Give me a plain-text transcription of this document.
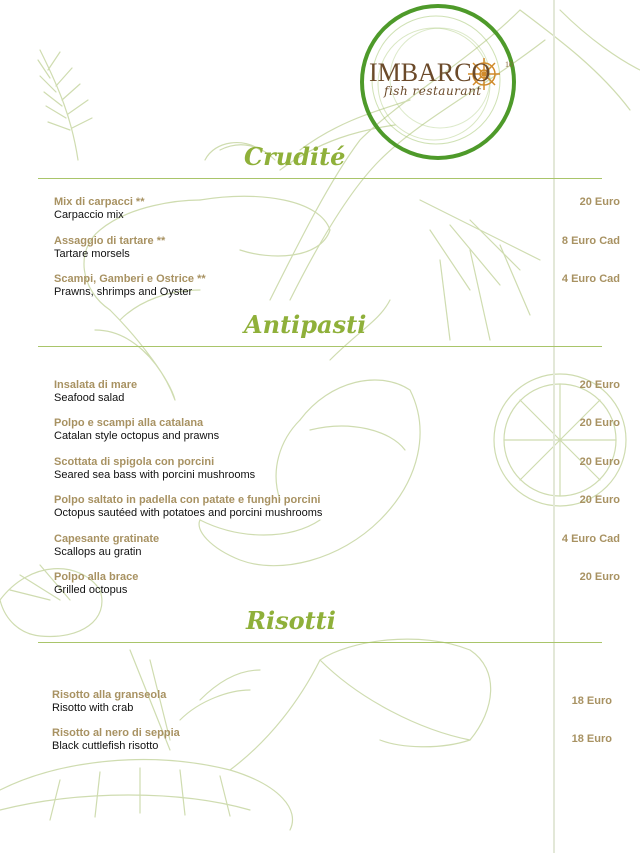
IMBARCO 10
fish restaurant
Crudité
Mix di carpacci **
Carpaccio mix
20 Euro
Assaggio di tartare **
Tartare morsels
8 Euro Cad
Scampi, Gamberi e Ostrice **
Prawns, shrimps and Oyster
4 Euro Cad
Antipasti
Insalata di mare
Seafood salad
20 Euro
Polpo e scampi alla catalana
Catalan style octopus and prawns
20 Euro
Scottata di spigola con porcini
Seared sea bass with porcini mushrooms
20 Euro
Polpo saltato in padella con patate e funghi porcini
Octopus sautéed with potatoes and porcini mushrooms
20 Euro
Capesante gratinate
Scallops au gratin
4 Euro Cad
Polpo alla brace
Grilled octopus
20 Euro
Risotti
Risotto alla granseola
Risotto with crab
18 Euro
Risotto al nero di seppia
Black cuttlefish risotto
18 Euro
